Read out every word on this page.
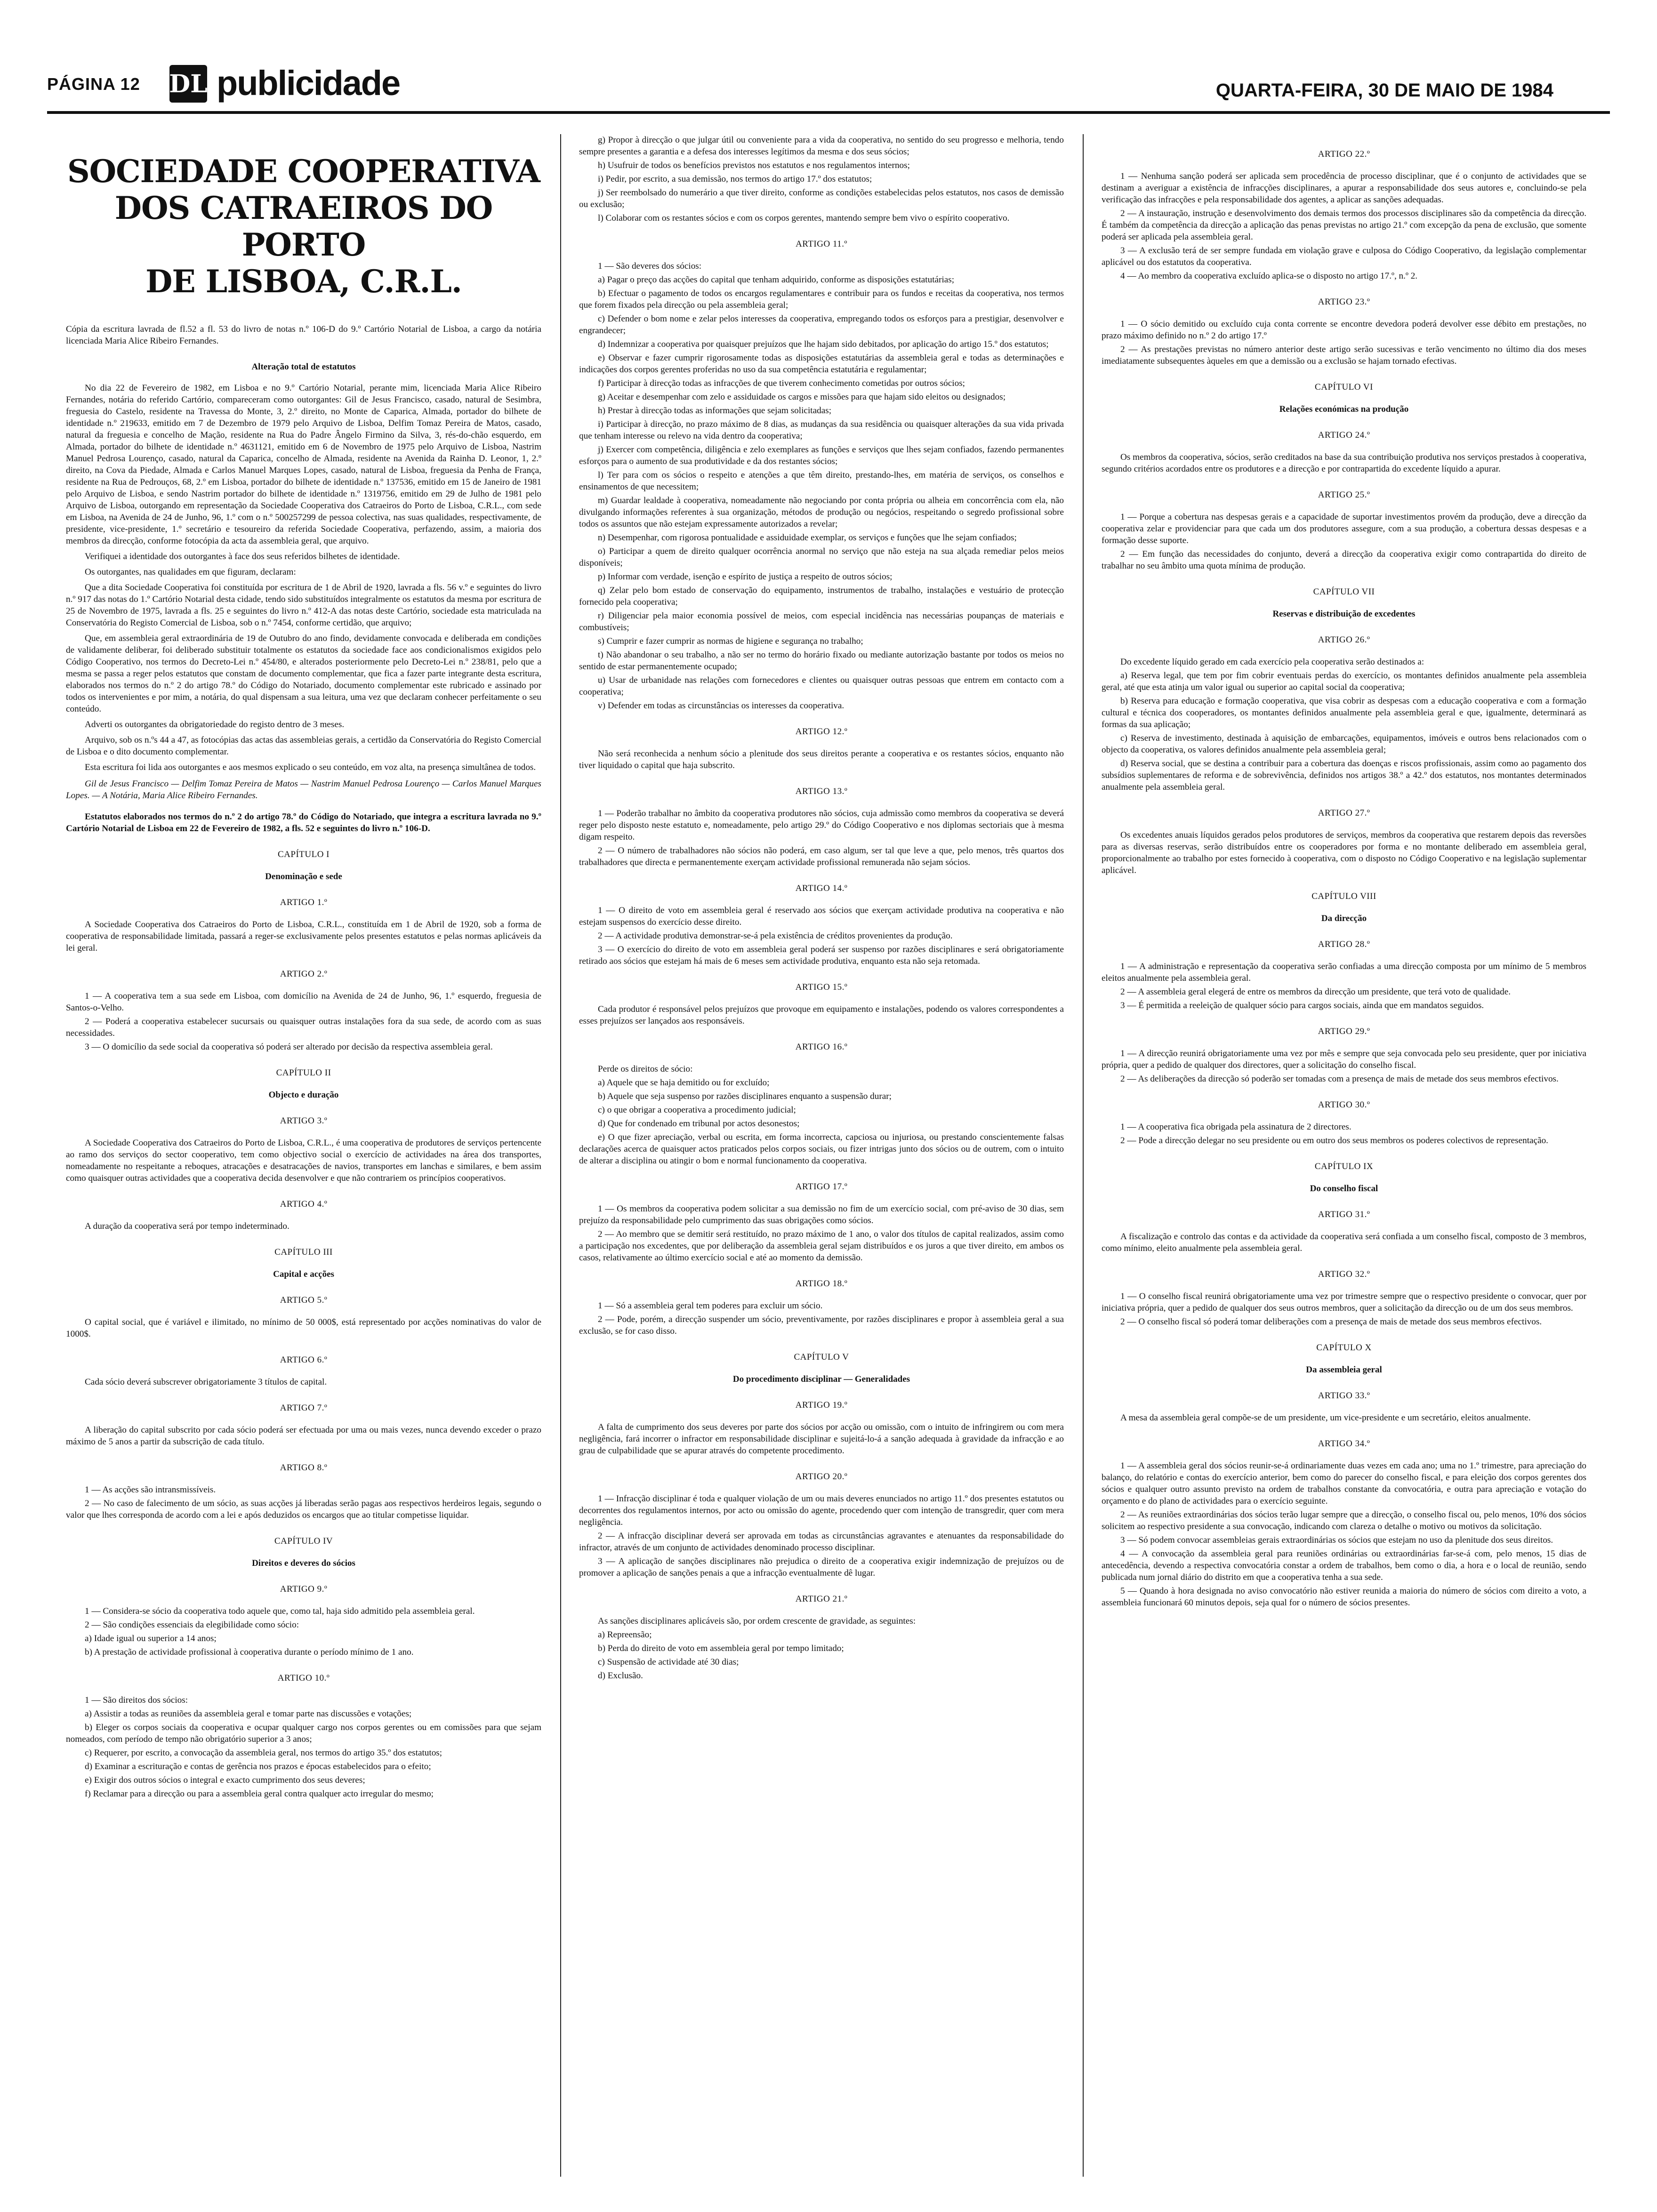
PÁGINA 12 DL publicidade	QUARTA-FEIRA, 30 DE MAIO DE 1984
SOCIEDADE COOPERATIVA
DOS CATRAEIROS DO PORTO
DE LISBOA, C.R.L.
Cópia da escritura lavrada de fl.52 a fl. 53 do livro de notas n.º 106-D do 9.º Cartório Notarial de Lisboa, a cargo da notária licenciada Maria Alice Ribeiro Fernandes.
Alteração total de estatutos
No dia 22 de Fevereiro de 1982, em Lisboa e no 9.º Cartório Notarial, perante mim, licenciada Maria Alice Ribeiro Fernandes, notária do referido Cartório, compareceram como outorgantes: Gil de Jesus Francisco, casado, natural de Sesimbra, freguesia do Castelo, residente na Travessa do Monte, 3, 2.º direito, no Monte de Caparica, Almada, portador do bilhete de identidade n.º 219633, emitido em 7 de Dezembro de 1979 pelo Arquivo de Lisboa, Delfim Tomaz Pereira de Matos, casado, natural da freguesia e concelho de Mação, residente na Rua do Padre Ângelo Firmino da Silva, 3, rés-do-chão esquerdo, em Almada, portador do bilhete de identidade n.º 4631121, emitido em 6 de Novembro de 1975 pelo Arquivo de Lisboa, Nastrim Manuel Pedrosa Lourenço, casado, natural da Caparica, concelho de Almada, residente na Avenida da Rainha D. Leonor, 1, 2.º direito, na Cova da Piedade, Almada e Carlos Manuel Marques Lopes, casado, natural de Lisboa, freguesia da Penha de França, residente na Rua de Pedrouços, 68, 2.º em Lisboa, portador do bilhete de identidade n.º 137536, emitido em 15 de Janeiro de 1981 pelo Arquivo de Lisboa, e sendo Nastrim portador do bilhete de identidade n.º 1319756, emitido em 29 de Julho de 1981 pelo Arquivo de Lisboa, outorgando em representação da Sociedade Cooperativa dos Catraeiros do Porto de Lisboa, C.R.L., com sede em Lisboa, na Avenida de 24 de Junho, 96, 1.º com o n.º 500257299 de pessoa colectiva, nas suas qualidades, respectivamente, de presidente, vice-presidente, 1.º secretário e tesoureiro da referida Sociedade Cooperativa, perfazendo, assim, a maioria dos membros da direcção, conforme fotocópia da acta da assembleia geral, que arquivo.
Verifiquei a identidade dos outorgantes à face dos seus referidos bilhetes de identidade.
Os outorgantes, nas qualidades em que figuram, declaram:
Que a dita Sociedade Cooperativa foi constituída por escritura de 1 de Abril de 1920, lavrada a fls. 56 v.º e seguintes do livro n.º 917 das notas do 1.º Cartório Notarial desta cidade, tendo sido substituídos integralmente os estatutos da mesma por escritura de 25 de Novembro de 1975, lavrada a fls. 25 e seguintes do livro n.º 412-A das notas deste Cartório, sociedade esta matriculada na Conservatória do Registo Comercial de Lisboa, sob o n.º 7454, conforme certidão, que arquivo;
Que, em assembleia geral extraordinária de 19 de Outubro do ano findo, devidamente convocada e deliberada em condições de validamente deliberar, foi deliberado substituir totalmente os estatutos da sociedade face aos condicionalismos exigidos pelo Código Cooperativo, nos termos do Decreto-Lei n.º 454/80, e alterados posteriormente pelo Decreto-Lei n.º 238/81, pelo que a mesma se passa a reger pelos estatutos que constam de documento complementar, que fica a fazer parte integrante desta escritura, elaborados nos termos do n.º 2 do artigo 78.º do Código do Notariado, documento complementar este rubricado e assinado por todos os intervenientes e por mim, a notária, do qual dispensam a sua leitura, uma vez que declaram conhecer perfeitamente o seu conteúdo.
Adverti os outorgantes da obrigatoriedade do registo dentro de 3 meses.
Arquivo, sob os n.ºs 44 a 47, as fotocópias das actas das assembleias gerais, a certidão da Conservatória do Registo Comercial de Lisboa e o dito documento complementar.
Esta escritura foi lida aos outorgantes e aos mesmos explicado o seu conteúdo, em voz alta, na presença simultânea de todos.
Gil de Jesus Francisco — Delfim Tomaz Pereira de Matos — Nastrim Manuel Pedrosa Lourenço — Carlos Manuel Marques Lopes. — A Notária, Maria Alice Ribeiro Fernandes.
Estatutos elaborados nos termos do n.º 2 do artigo 78.º do Código do Notariado, que integra a escritura lavrada no 9.º Cartório Notarial de Lisboa em 22 de Fevereiro de 1982, a fls. 52 e seguintes do livro n.º 106-D.
CAPÍTULO I
Denominação e sede
ARTIGO 1.º
A Sociedade Cooperativa dos Catraeiros do Porto de Lisboa, C.R.L., constituída em 1 de Abril de 1920, sob a forma de cooperativa de responsabilidade limitada, passará a reger-se exclusivamente pelos presentes estatutos e pelas normas aplicáveis da lei geral.
ARTIGO 2.º
1 — A cooperativa tem a sua sede em Lisboa, com domicílio na Avenida de 24 de Junho, 96, 1.º esquerdo, freguesia de Santos-o-Velho.
2 — Poderá a cooperativa estabelecer sucursais ou quaisquer outras instalações fora da sua sede, de acordo com as suas necessidades.
3 — O domicílio da sede social da cooperativa só poderá ser alterado por decisão da respectiva assembleia geral.
CAPÍTULO II
Objecto e duração
ARTIGO 3.º
A Sociedade Cooperativa dos Catraeiros do Porto de Lisboa, C.R.L., é uma cooperativa de produtores de serviços pertencente ao ramo dos serviços do sector cooperativo, tem como objectivo social o exercício de actividades na área dos transportes, nomeadamente no respeitante a reboques, atracações e desatracações de navios, transportes em lanchas e similares, e bem assim como quaisquer outras actividades que a cooperativa decida desenvolver e que não contrariem os princípios cooperativos.
ARTIGO 4.º
A duração da cooperativa será por tempo indeterminado.
CAPÍTULO III
Capital e acções
ARTIGO 5.º
O capital social, que é variável e ilimitado, no mínimo de 50 000$, está representado por acções nominativas do valor de 1000$.
ARTIGO 6.º
Cada sócio deverá subscrever obrigatoriamente 3 títulos de capital.
ARTIGO 7.º
A liberação do capital subscrito por cada sócio poderá ser efectuada por uma ou mais vezes, nunca devendo exceder o prazo máximo de 5 anos a partir da subscrição de cada título.
ARTIGO 8.º
1 — As acções são intransmissíveis.
2 — No caso de falecimento de um sócio, as suas acções já liberadas serão pagas aos respectivos herdeiros legais, segundo o valor que lhes corresponda de acordo com a lei e após deduzidos os encargos que ao titular competisse liquidar.
CAPÍTULO IV
Direitos e deveres do sócios
ARTIGO 9.º
1 — Considera-se sócio da cooperativa todo aquele que, como tal, haja sido admitido pela assembleia geral.
2 — São condições essenciais da elegibilidade como sócio:
a) Idade igual ou superior a 14 anos;
b) A prestação de actividade profissional à cooperativa durante o período mínimo de 1 ano.
ARTIGO 10.º
1 — São direitos dos sócios:
a) Assistir a todas as reuniões da assembleia geral e tomar parte nas discussões e votações;
b) Eleger os corpos sociais da cooperativa e ocupar qualquer cargo nos corpos gerentes ou em comissões para que sejam nomeados, com período de tempo não obrigatório superior a 3 anos;
c) Requerer, por escrito, a convocação da assembleia geral, nos termos do artigo 35.º dos estatutos;
d) Examinar a escrituração e contas de gerência nos prazos e épocas estabelecidos para o efeito;
e) Exigir dos outros sócios o integral e exacto cumprimento dos seus deveres;
f) Reclamar para a direcção ou para a assembleia geral contra qualquer acto irregular do mesmo;
g) Propor à direcção o que julgar útil ou conveniente para a vida da cooperativa, no sentido do seu progresso e melhoria, tendo sempre presentes a garantia e a defesa dos interesses legítimos da mesma e dos seus sócios;
h) Usufruir de todos os benefícios previstos nos estatutos e nos regulamentos internos;
i) Pedir, por escrito, a sua demissão, nos termos do artigo 17.º dos estatutos;
j) Ser reembolsado do numerário a que tiver direito, conforme as condições estabelecidas pelos estatutos, nos casos de demissão ou exclusão;
l) Colaborar com os restantes sócios e com os corpos gerentes, mantendo sempre bem vivo o espírito cooperativo.
ARTIGO 11.º
1 — São deveres dos sócios:
a) Pagar o preço das acções do capital que tenham adquirido, conforme as disposições estatutárias;
b) Efectuar o pagamento de todos os encargos regulamentares e contribuir para os fundos e receitas da cooperativa, nos termos que forem fixados pela direcção ou pela assembleia geral;
c) Defender o bom nome e zelar pelos interesses da cooperativa, empregando todos os esforços para a prestigiar, desenvolver e engrandecer;
d) Indemnizar a cooperativa por quaisquer prejuízos que lhe hajam sido debitados, por aplicação do artigo 15.º dos estatutos;
e) Observar e fazer cumprir rigorosamente todas as disposições estatutárias da assembleia geral e todas as determinações e indicações dos corpos gerentes proferidas no uso da sua competência estatutária e regulamentar;
f) Participar à direcção todas as infracções de que tiverem conhecimento cometidas por outros sócios;
g) Aceitar e desempenhar com zelo e assiduidade os cargos e missões para que hajam sido eleitos ou designados;
h) Prestar à direcção todas as informações que sejam solicitadas;
i) Participar à direcção, no prazo máximo de 8 dias, as mudanças da sua residência ou quaisquer alterações da sua vida privada que tenham interesse ou relevo na vida dentro da cooperativa;
j) Exercer com competência, diligência e zelo exemplares as funções e serviços que lhes sejam confiados, fazendo permanentes esforços para o aumento de sua produtividade e da dos restantes sócios;
l) Ter para com os sócios o respeito e atenções a que têm direito, prestando-lhes, em matéria de serviços, os conselhos e ensinamentos de que necessitem;
m) Guardar lealdade à cooperativa, nomeadamente não negociando por conta própria ou alheia em concorrência com ela, não divulgando informações referentes à sua organização, métodos de produção ou negócios, respeitando o segredo profissional sobre todos os assuntos que não estejam expressamente autorizados a revelar;
n) Desempenhar, com rigorosa pontualidade e assiduidade exemplar, os serviços e funções que lhe sejam confiados;
o) Participar a quem de direito qualquer ocorrência anormal no serviço que não esteja na sua alçada remediar pelos meios disponíveis;
p) Informar com verdade, isenção e espírito de justiça a respeito de outros sócios;
q) Zelar pelo bom estado de conservação do equipamento, instrumentos de trabalho, instalações e vestuário de protecção fornecido pela cooperativa;
r) Diligenciar pela maior economia possível de meios, com especial incidência nas necessárias poupanças de materiais e combustíveis;
s) Cumprir e fazer cumprir as normas de higiene e segurança no trabalho;
t) Não abandonar o seu trabalho, a não ser no termo do horário fixado ou mediante autorização bastante por todos os meios no sentido de estar permanentemente ocupado;
u) Usar de urbanidade nas relações com fornecedores e clientes ou quaisquer outras pessoas que entrem em contacto com a cooperativa;
v) Defender em todas as circunstâncias os interesses da cooperativa.
ARTIGO 12.º
Não será reconhecida a nenhum sócio a plenitude dos seus direitos perante a cooperativa e os restantes sócios, enquanto não tiver liquidado o capital que haja subscrito.
ARTIGO 13.º
1 — Poderão trabalhar no âmbito da cooperativa produtores não sócios, cuja admissão como membros da cooperativa se deverá reger pelo disposto neste estatuto e, nomeadamente, pelo artigo 29.º do Código Cooperativo e nos diplomas sectoriais que à mesma digam respeito.
2 — O número de trabalhadores não sócios não poderá, em caso algum, ser tal que leve a que, pelo menos, três quartos dos trabalhadores que directa e permanentemente exerçam actividade profissional remunerada não sejam sócios.
ARTIGO 14.º
1 — O direito de voto em assembleia geral é reservado aos sócios que exerçam actividade produtiva na cooperativa e não estejam suspensos do exercício desse direito.
2 — A actividade produtiva demonstrar-se-á pela existência de créditos provenientes da produção.
3 — O exercício do direito de voto em assembleia geral poderá ser suspenso por razões disciplinares e será obrigatoriamente retirado aos sócios que estejam há mais de 6 meses sem actividade produtiva, enquanto esta não seja retomada.
ARTIGO 15.º
Cada produtor é responsável pelos prejuízos que provoque em equipamento e instalações, podendo os valores correspondentes a esses prejuízos ser lançados aos responsáveis.
ARTIGO 16.º
Perde os direitos de sócio:
a) Aquele que se haja demitido ou for excluído;
b) Aquele que seja suspenso por razões disciplinares enquanto a suspensão durar;
c) o que obrigar a cooperativa a procedimento judicial;
d) Que for condenado em tribunal por actos desonestos;
e) O que fizer apreciação, verbal ou escrita, em forma incorrecta, capciosa ou injuriosa, ou prestando conscientemente falsas declarações acerca de quaisquer actos praticados pelos corpos sociais, ou fizer intrigas junto dos sócios ou de outrem, com o intuito de alterar a disciplina ou atingir o bom e normal funcionamento da cooperativa.
ARTIGO 17.º
1 — Os membros da cooperativa podem solicitar a sua demissão no fim de um exercício social, com pré-aviso de 30 dias, sem prejuízo da responsabilidade pelo cumprimento das suas obrigações como sócios.
2 — Ao membro que se demitir será restituído, no prazo máximo de 1 ano, o valor dos títulos de capital realizados, assim como a participação nos excedentes, que por deliberação da assembleia geral sejam distribuídos e os juros a que tiver direito, em ambos os casos, relativamente ao último exercício social e até ao momento da demissão.
ARTIGO 18.º
1 — Só a assembleia geral tem poderes para excluir um sócio.
2 — Pode, porém, a direcção suspender um sócio, preventivamente, por razões disciplinares e propor à assembleia geral a sua exclusão, se for caso disso.
CAPÍTULO V
Do procedimento disciplinar — Generalidades
ARTIGO 19.º
A falta de cumprimento dos seus deveres por parte dos sócios por acção ou omissão, com o intuito de infringirem ou com mera negligência, fará incorrer o infractor em responsabilidade disciplinar e sujeitá-lo-á a sanção adequada à gravidade da infracção e ao grau de culpabilidade que se apurar através do competente procedimento.
ARTIGO 20.º
1 — Infracção disciplinar é toda e qualquer violação de um ou mais deveres enunciados no artigo 11.º dos presentes estatutos ou decorrentes dos regulamentos internos, por acto ou omissão do agente, procedendo quer com intenção de transgredir, quer com mera negligência.
2 — A infracção disciplinar deverá ser aprovada em todas as circunstâncias agravantes e atenuantes da responsabilidade do infractor, através de um conjunto de actividades denominado processo disciplinar.
3 — A aplicação de sanções disciplinares não prejudica o direito de a cooperativa exigir indemnização de prejuízos ou de promover a aplicação de sanções penais a que a infracção eventualmente dê lugar.
ARTIGO 21.º
As sanções disciplinares aplicáveis são, por ordem crescente de gravidade, as seguintes:
a) Repreensão;
b) Perda do direito de voto em assembleia geral por tempo limitado;
c) Suspensão de actividade até 30 dias;
d) Exclusão.
ARTIGO 22.º
1 — Nenhuma sanção poderá ser aplicada sem procedência de processo disciplinar, que é o conjunto de actividades que se destinam a averiguar a existência de infracções disciplinares, a apurar a responsabilidade dos seus autores e, concluindo-se pela verificação das infracções e pela responsabilidade dos agentes, a aplicar as sanções adequadas.
2 — A instauração, instrução e desenvolvimento dos demais termos dos processos disciplinares são da competência da direcção. É também da competência da direcção a aplicação das penas previstas no artigo 21.º com excepção da pena de exclusão, que somente poderá ser aplicada pela assembleia geral.
3 — A exclusão terá de ser sempre fundada em violação grave e culposa do Código Cooperativo, da legislação complementar aplicável ou dos estatutos da cooperativa.
4 — Ao membro da cooperativa excluído aplica-se o disposto no artigo 17.º, n.º 2.
ARTIGO 23.º
1 — O sócio demitido ou excluído cuja conta corrente se encontre devedora poderá devolver esse débito em prestações, no prazo máximo definido no n.º 2 do artigo 17.º
2 — As prestações previstas no número anterior deste artigo serão sucessivas e terão vencimento no último dia dos meses imediatamente subsequentes àqueles em que a demissão ou a exclusão se hajam tornado efectivas.
CAPÍTULO VI
Relações económicas na produção
ARTIGO 24.º
Os membros da cooperativa, sócios, serão creditados na base da sua contribuição produtiva nos serviços prestados à cooperativa, segundo critérios acordados entre os produtores e a direcção e por contrapartida do excedente líquido a apurar.
ARTIGO 25.º
1 — Porque a cobertura nas despesas gerais e a capacidade de suportar investimentos provém da produção, deve a direcção da cooperativa zelar e providenciar para que cada um dos produtores assegure, com a sua produção, a cobertura dessas despesas e a formação desse suporte.
2 — Em função das necessidades do conjunto, deverá a direcção da cooperativa exigir como contrapartida do direito de trabalhar no seu âmbito uma quota mínima de produção.
CAPÍTULO VII
Reservas e distribuição de excedentes
ARTIGO 26.º
Do excedente líquido gerado em cada exercício pela cooperativa serão destinados a:
a) Reserva legal, que tem por fim cobrir eventuais perdas do exercício, os montantes definidos anualmente pela assembleia geral, até que esta atinja um valor igual ou superior ao capital social da cooperativa;
b) Reserva para educação e formação cooperativa, que visa cobrir as despesas com a educação cooperativa e com a formação cultural e técnica dos cooperadores, os montantes definidos anualmente pela assembleia geral e que, igualmente, determinará as formas da sua aplicação;
c) Reserva de investimento, destinada à aquisição de embarcações, equipamentos, imóveis e outros bens relacionados com o objecto da cooperativa, os valores definidos anualmente pela assembleia geral;
d) Reserva social, que se destina a contribuir para a cobertura das doenças e riscos profissionais, assim como ao pagamento dos subsídios suplementares de reforma e de sobrevivência, definidos nos artigos 38.º a 42.º dos estatutos, nos montantes determinados anualmente pela assembleia geral.
ARTIGO 27.º
Os excedentes anuais líquidos gerados pelos produtores de serviços, membros da cooperativa que restarem depois das reversões para as diversas reservas, serão distribuídos entre os cooperadores por forma e no montante deliberado em assembleia geral, proporcionalmente ao trabalho por estes fornecido à cooperativa, com o disposto no Código Cooperativo e na legislação suplementar aplicável.
CAPÍTULO VIII
Da direcção
ARTIGO 28.º
1 — A administração e representação da cooperativa serão confiadas a uma direcção composta por um mínimo de 5 membros eleitos anualmente pela assembleia geral.
2 — A assembleia geral elegerá de entre os membros da direcção um presidente, que terá voto de qualidade.
3 — É permitida a reeleição de qualquer sócio para cargos sociais, ainda que em mandatos seguidos.
ARTIGO 29.º
1 — A direcção reunirá obrigatoriamente uma vez por mês e sempre que seja convocada pelo seu presidente, quer por iniciativa própria, quer a pedido de qualquer dos directores, quer a solicitação do conselho fiscal.
2 — As deliberações da direcção só poderão ser tomadas com a presença de mais de metade dos seus membros efectivos.
ARTIGO 30.º
1 — A cooperativa fica obrigada pela assinatura de 2 directores.
2 — Pode a direcção delegar no seu presidente ou em outro dos seus membros os poderes colectivos de representação.
CAPÍTULO IX
Do conselho fiscal
ARTIGO 31.º
A fiscalização e controlo das contas e da actividade da cooperativa será confiada a um conselho fiscal, composto de 3 membros, como mínimo, eleito anualmente pela assembleia geral.
ARTIGO 32.º
1 — O conselho fiscal reunirá obrigatoriamente uma vez por trimestre sempre que o respectivo presidente o convocar, quer por iniciativa própria, quer a pedido de qualquer dos seus outros membros, quer a solicitação da direcção ou de um dos seus membros.
2 — O conselho fiscal só poderá tomar deliberações com a presença de mais de metade dos seus membros efectivos.
CAPÍTULO X
Da assembleia geral
ARTIGO 33.º
A mesa da assembleia geral compõe-se de um presidente, um vice-presidente e um secretário, eleitos anualmente.
ARTIGO 34.º
1 — A assembleia geral dos sócios reunir-se-á ordinariamente duas vezes em cada ano; uma no 1.º trimestre, para apreciação do balanço, do relatório e contas do exercício anterior, bem como do parecer do conselho fiscal, e para eleição dos corpos gerentes dos sócios e qualquer outro assunto previsto na ordem de trabalhos constante da convocatória, e outra para apreciação e votação do orçamento e do plano de actividades para o exercício seguinte.
2 — As reuniões extraordinárias dos sócios terão lugar sempre que a direcção, o conselho fiscal ou, pelo menos, 10% dos sócios solicitem ao respectivo presidente a sua convocação, indicando com clareza o detalhe o motivo ou motivos da solicitação.
3 — Só podem convocar assembleias gerais extraordinárias os sócios que estejam no uso da plenitude dos seus direitos.
4 — A convocação da assembleia geral para reuniões ordinárias ou extraordinárias far-se-á com, pelo menos, 15 dias de antecedência, devendo a respectiva convocatória constar a ordem de trabalhos, bem como o dia, a hora e o local de reunião, sendo publicada num jornal diário do distrito em que a cooperativa tenha a sua sede.
5 — Quando à hora designada no aviso convocatório não estiver reunida a maioria do número de sócios com direito a voto, a assembleia funcionará 60 minutos depois, seja qual for o número de sócios presentes.
